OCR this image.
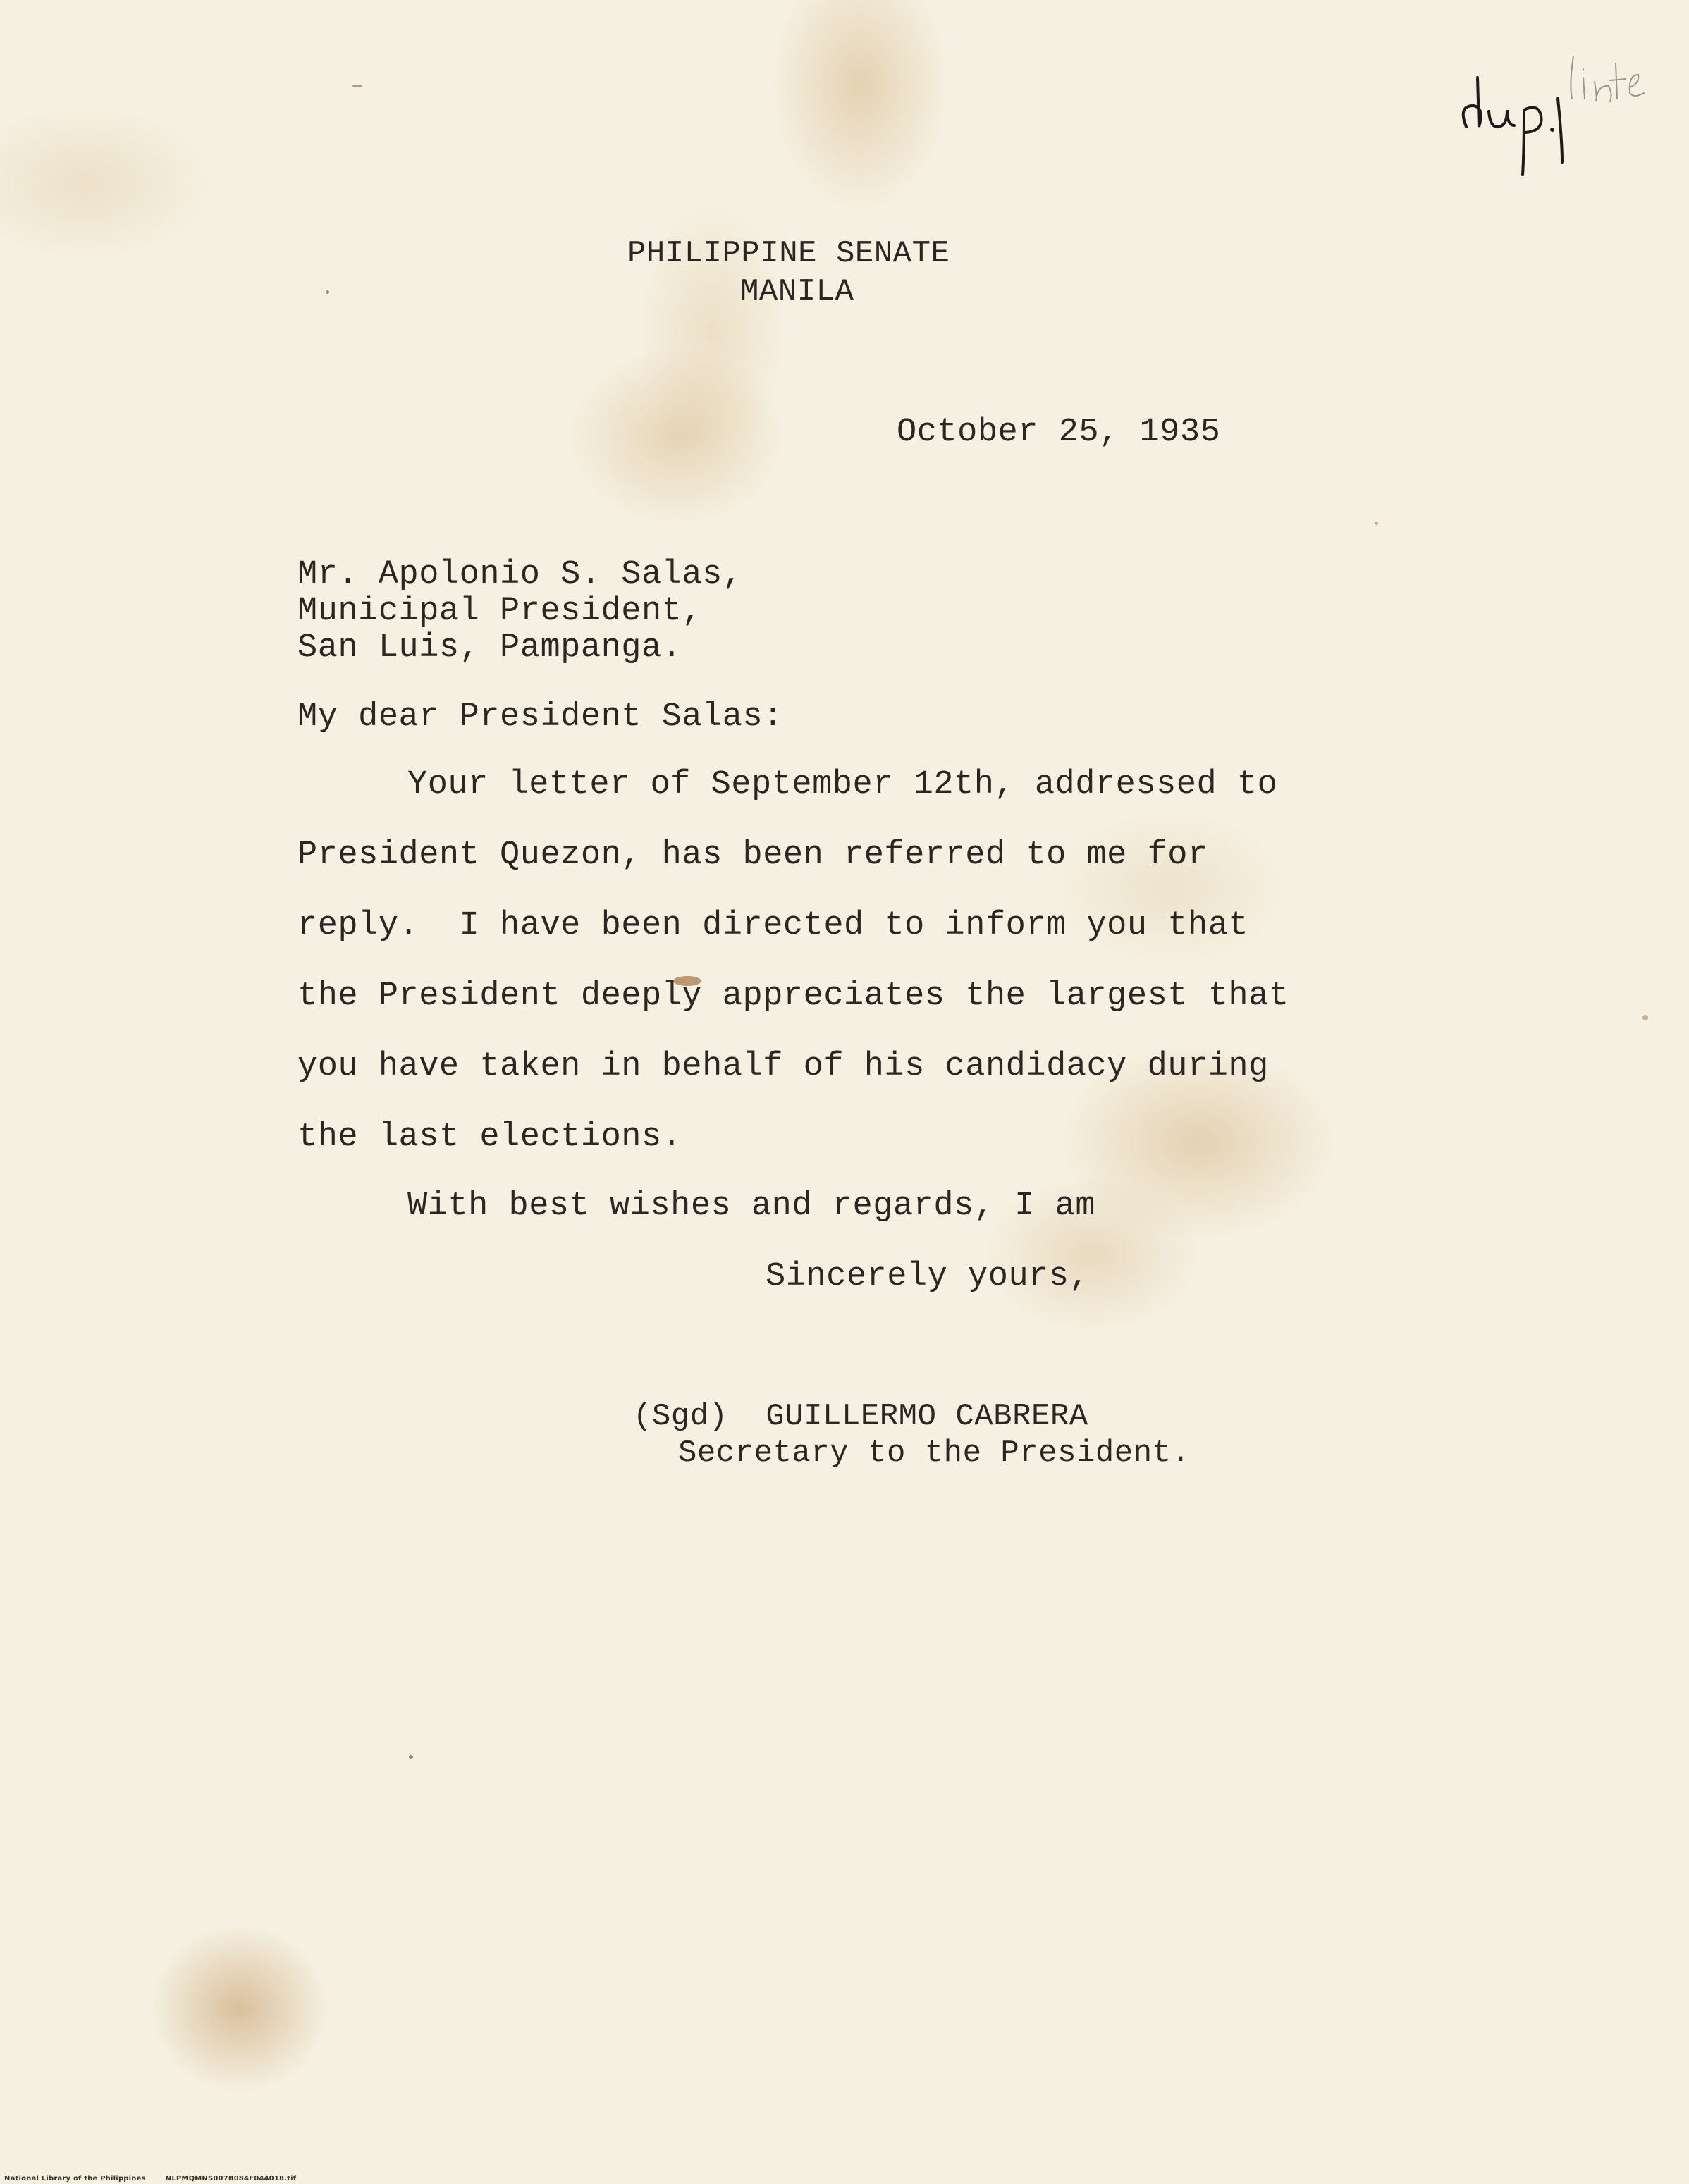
PHILIPPINE SENATE
MANILA
October 25, 1935
Mr. Apolonio S. Salas,
Municipal President,
San Luis, Pampanga.
My dear President Salas:
Your letter of September 12th, addressed to
President Quezon, has been referred to me for
reply.  I have been directed to inform you that
the President deeply appreciates the largest that
you have taken in behalf of his candidacy during
the last elections.
With best wishes and regards, I am
Sincerely yours,
(Sgd)  GUILLERMO CABRERA
Secretary to the President.
National Library of the Philippines	NLPMQMNS007B084F044018.tif
